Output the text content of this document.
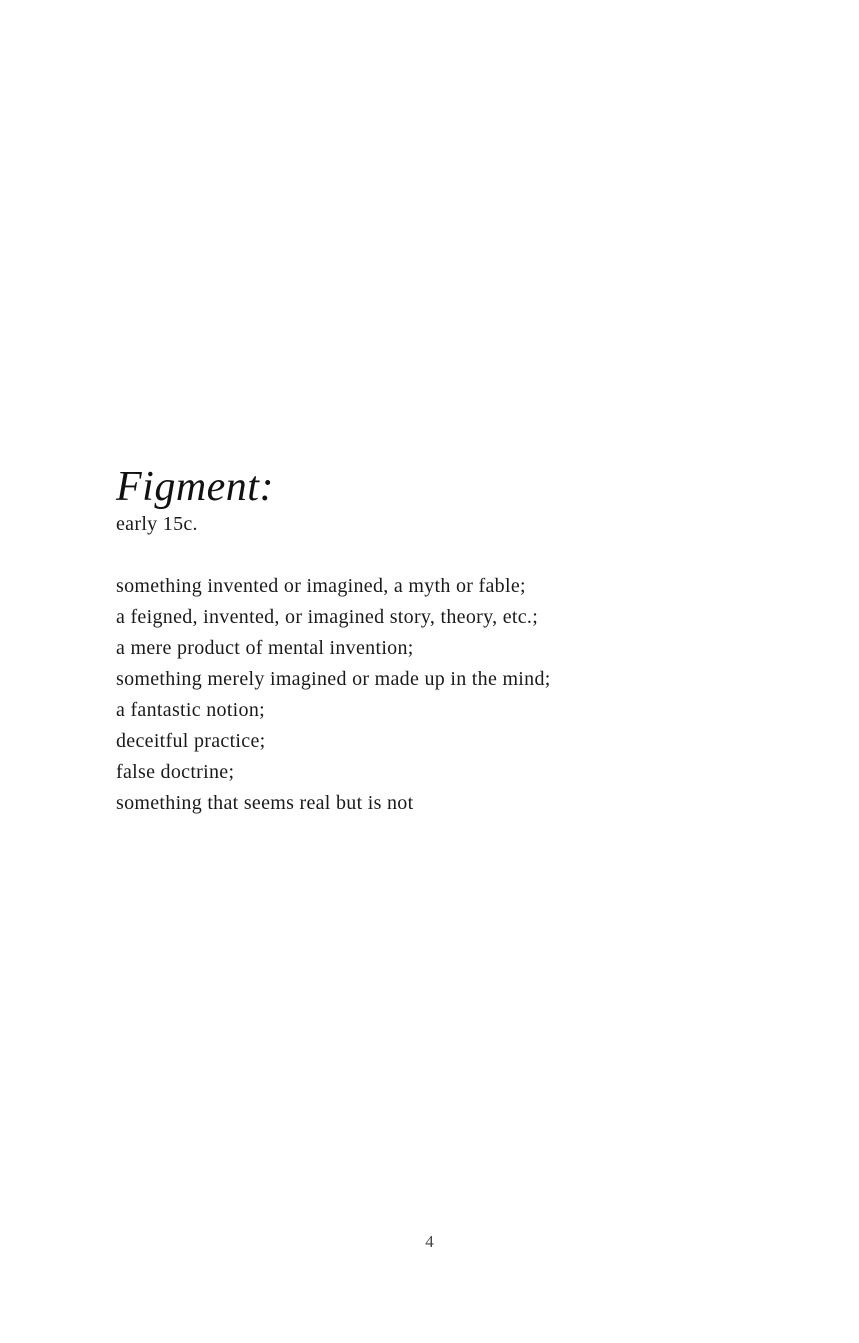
Figment:

early 15c.

something invented or imagined, a myth or fable;
a feigned, invented, or imagined story, theory, etc.;
a mere product of mental invention;
something merely imagined or made up in the mind;
a fantastic notion;
deceitful practice;
false doctrine;
something that seems real but is not
4
